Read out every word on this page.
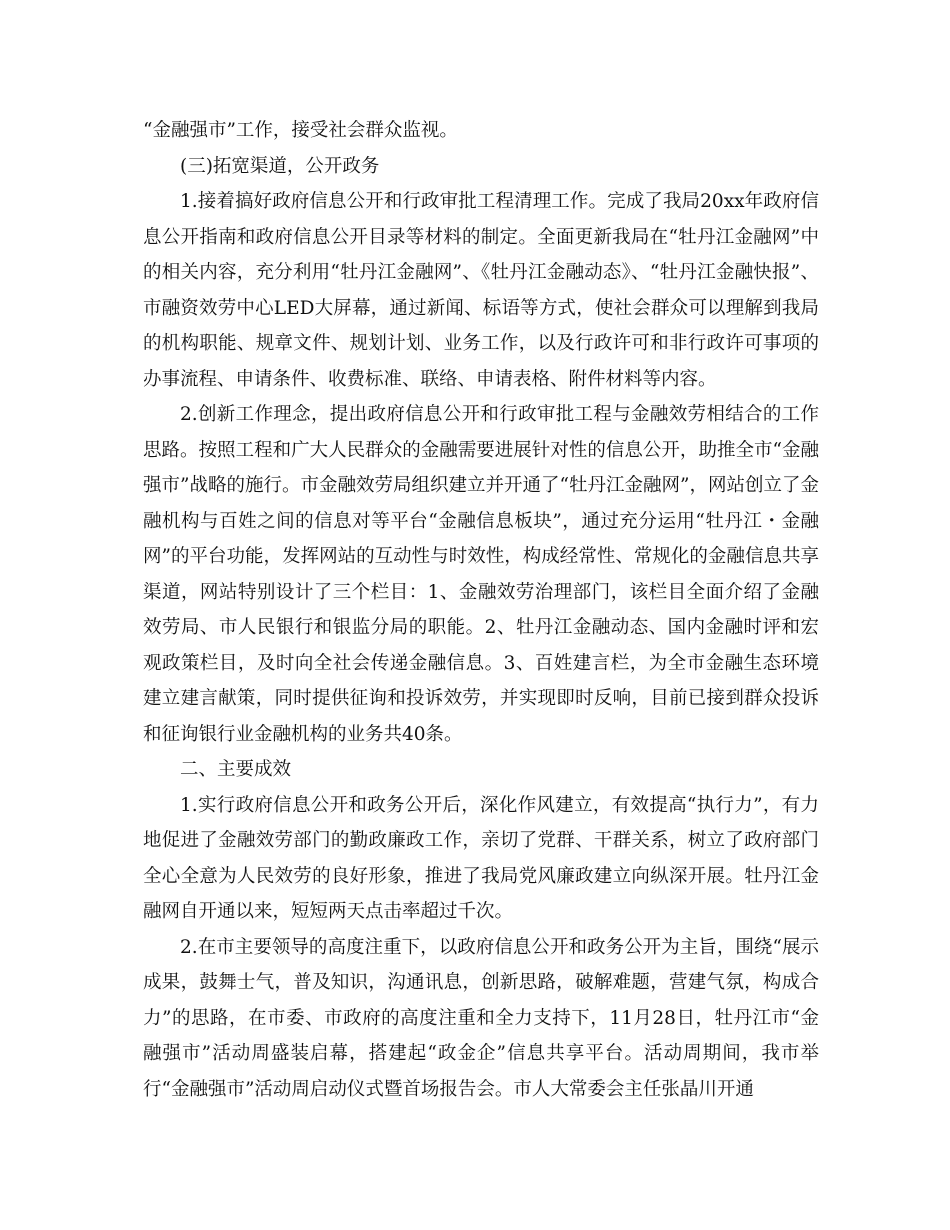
“金融强市”工作，接受社会群众监视。

(三)拓宽渠道，公开政务

1.接着搞好政府信息公开和行政审批工程清理工作。完成了我局20xx年政府信息公开指南和政府信息公开目录等材料的制定。全面更新我局在“牡丹江金融网”中的相关内容，充分利用“牡丹江金融网”、《牡丹江金融动态》、“牡丹江金融快报”、市融资效劳中心LED大屏幕，通过新闻、标语等方式，使社会群众可以理解到我局的机构职能、规章文件、规划计划、业务工作，以及行政许可和非行政许可事项的办事流程、申请条件、收费标准、联络、申请表格、附件材料等内容。

2.创新工作理念，提出政府信息公开和行政审批工程与金融效劳相结合的工作思路。按照工程和广大人民群众的金融需要进展针对性的信息公开，助推全市“金融强市”战略的施行。市金融效劳局组织建立并开通了“牡丹江金融网”，网站创立了金融机构与百姓之间的信息对等平台“金融信息板块”，通过充分运用“牡丹江・金融网”的平台功能，发挥网站的互动性与时效性，构成经常性、常规化的金融信息共享渠道，网站特别设计了三个栏目：1、金融效劳治理部门，该栏目全面介绍了金融效劳局、市人民银行和银监分局的职能。2、牡丹江金融动态、国内金融时评和宏观政策栏目，及时向全社会传递金融信息。3、百姓建言栏，为全市金融生态环境建立建言献策，同时提供征询和投诉效劳，并实现即时反响，目前已接到群众投诉和征询银行业金融机构的业务共40条。

二、主要成效

1.实行政府信息公开和政务公开后，深化作风建立，有效提高“执行力”，有力地促进了金融效劳部门的勤政廉政工作，亲切了党群、干群关系，树立了政府部门全心全意为人民效劳的良好形象，推进了我局党风廉政建立向纵深开展。牡丹江金融网自开通以来，短短两天点击率超过千次。

2.在市主要领导的高度注重下，以政府信息公开和政务公开为主旨，围绕“展示成果，鼓舞士气，普及知识，沟通讯息，创新思路，破解难题，营建气氛，构成合力”的思路，在市委、市政府的高度注重和全力支持下，11月28日，牡丹江市“金融强市”活动周盛装启幕，搭建起“政金企”信息共享平台。活动周期间，我市举行“金融强市”活动周启动仪式暨首场报告会。市人大常委会主任张晶川开通
